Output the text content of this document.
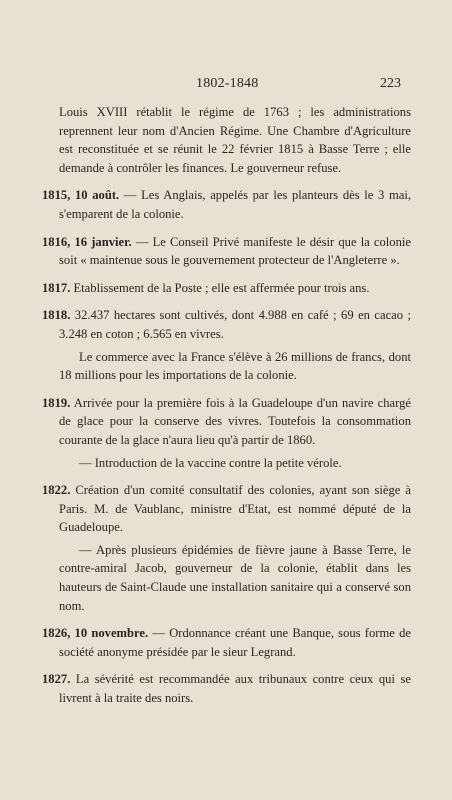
1802-1848	223

Louis XVIII rétablit le régime de 1763 ; les administrations reprennent leur nom d'Ancien Régime. Une Chambre d'Agriculture est reconstituée et se réunit le 22 février 1815 à Basse Terre ; elle demande à contrôler les finances. Le gouverneur refuse.

1815, 10 août. — Les Anglais, appelés par les planteurs dès le 3 mai, s'emparent de la colonie.

1816, 16 janvier. — Le Conseil Privé manifeste le désir que la colonie soit « maintenue sous le gouvernement protecteur de l'Angleterre ».

1817. Etablissement de la Poste ; elle est affermée pour trois ans.

1818. 32.437 hectares sont cultivés, dont 4.988 en café ; 69 en cacao ; 3.248 en coton ; 6.565 en vivres.

Le commerce avec la France s'élève à 26 millions de francs, dont 18 millions pour les importations de la colonie.

1819. Arrivée pour la première fois à la Guadeloupe d'un navire chargé de glace pour la conserve des vivres. Toutefois la consommation courante de la glace n'aura lieu qu'à partir de 1860.

— Introduction de la vaccine contre la petite vérole.

1822. Création d'un comité consultatif des colonies, ayant son siège à Paris. M. de Vaublanc, ministre d'Etat, est nommé député de la Guadeloupe.

— Après plusieurs épidémies de fièvre jaune à Basse Terre, le contre-amiral Jacob, gouverneur de la colonie, établit dans les hauteurs de Saint-Claude une installation sanitaire qui a conservé son nom.

1826, 10 novembre. — Ordonnance créant une Banque, sous forme de société anonyme présidée par le sieur Legrand.

1827. La sévérité est recommandée aux tribunaux contre ceux qui se livrent à la traite des noirs.
